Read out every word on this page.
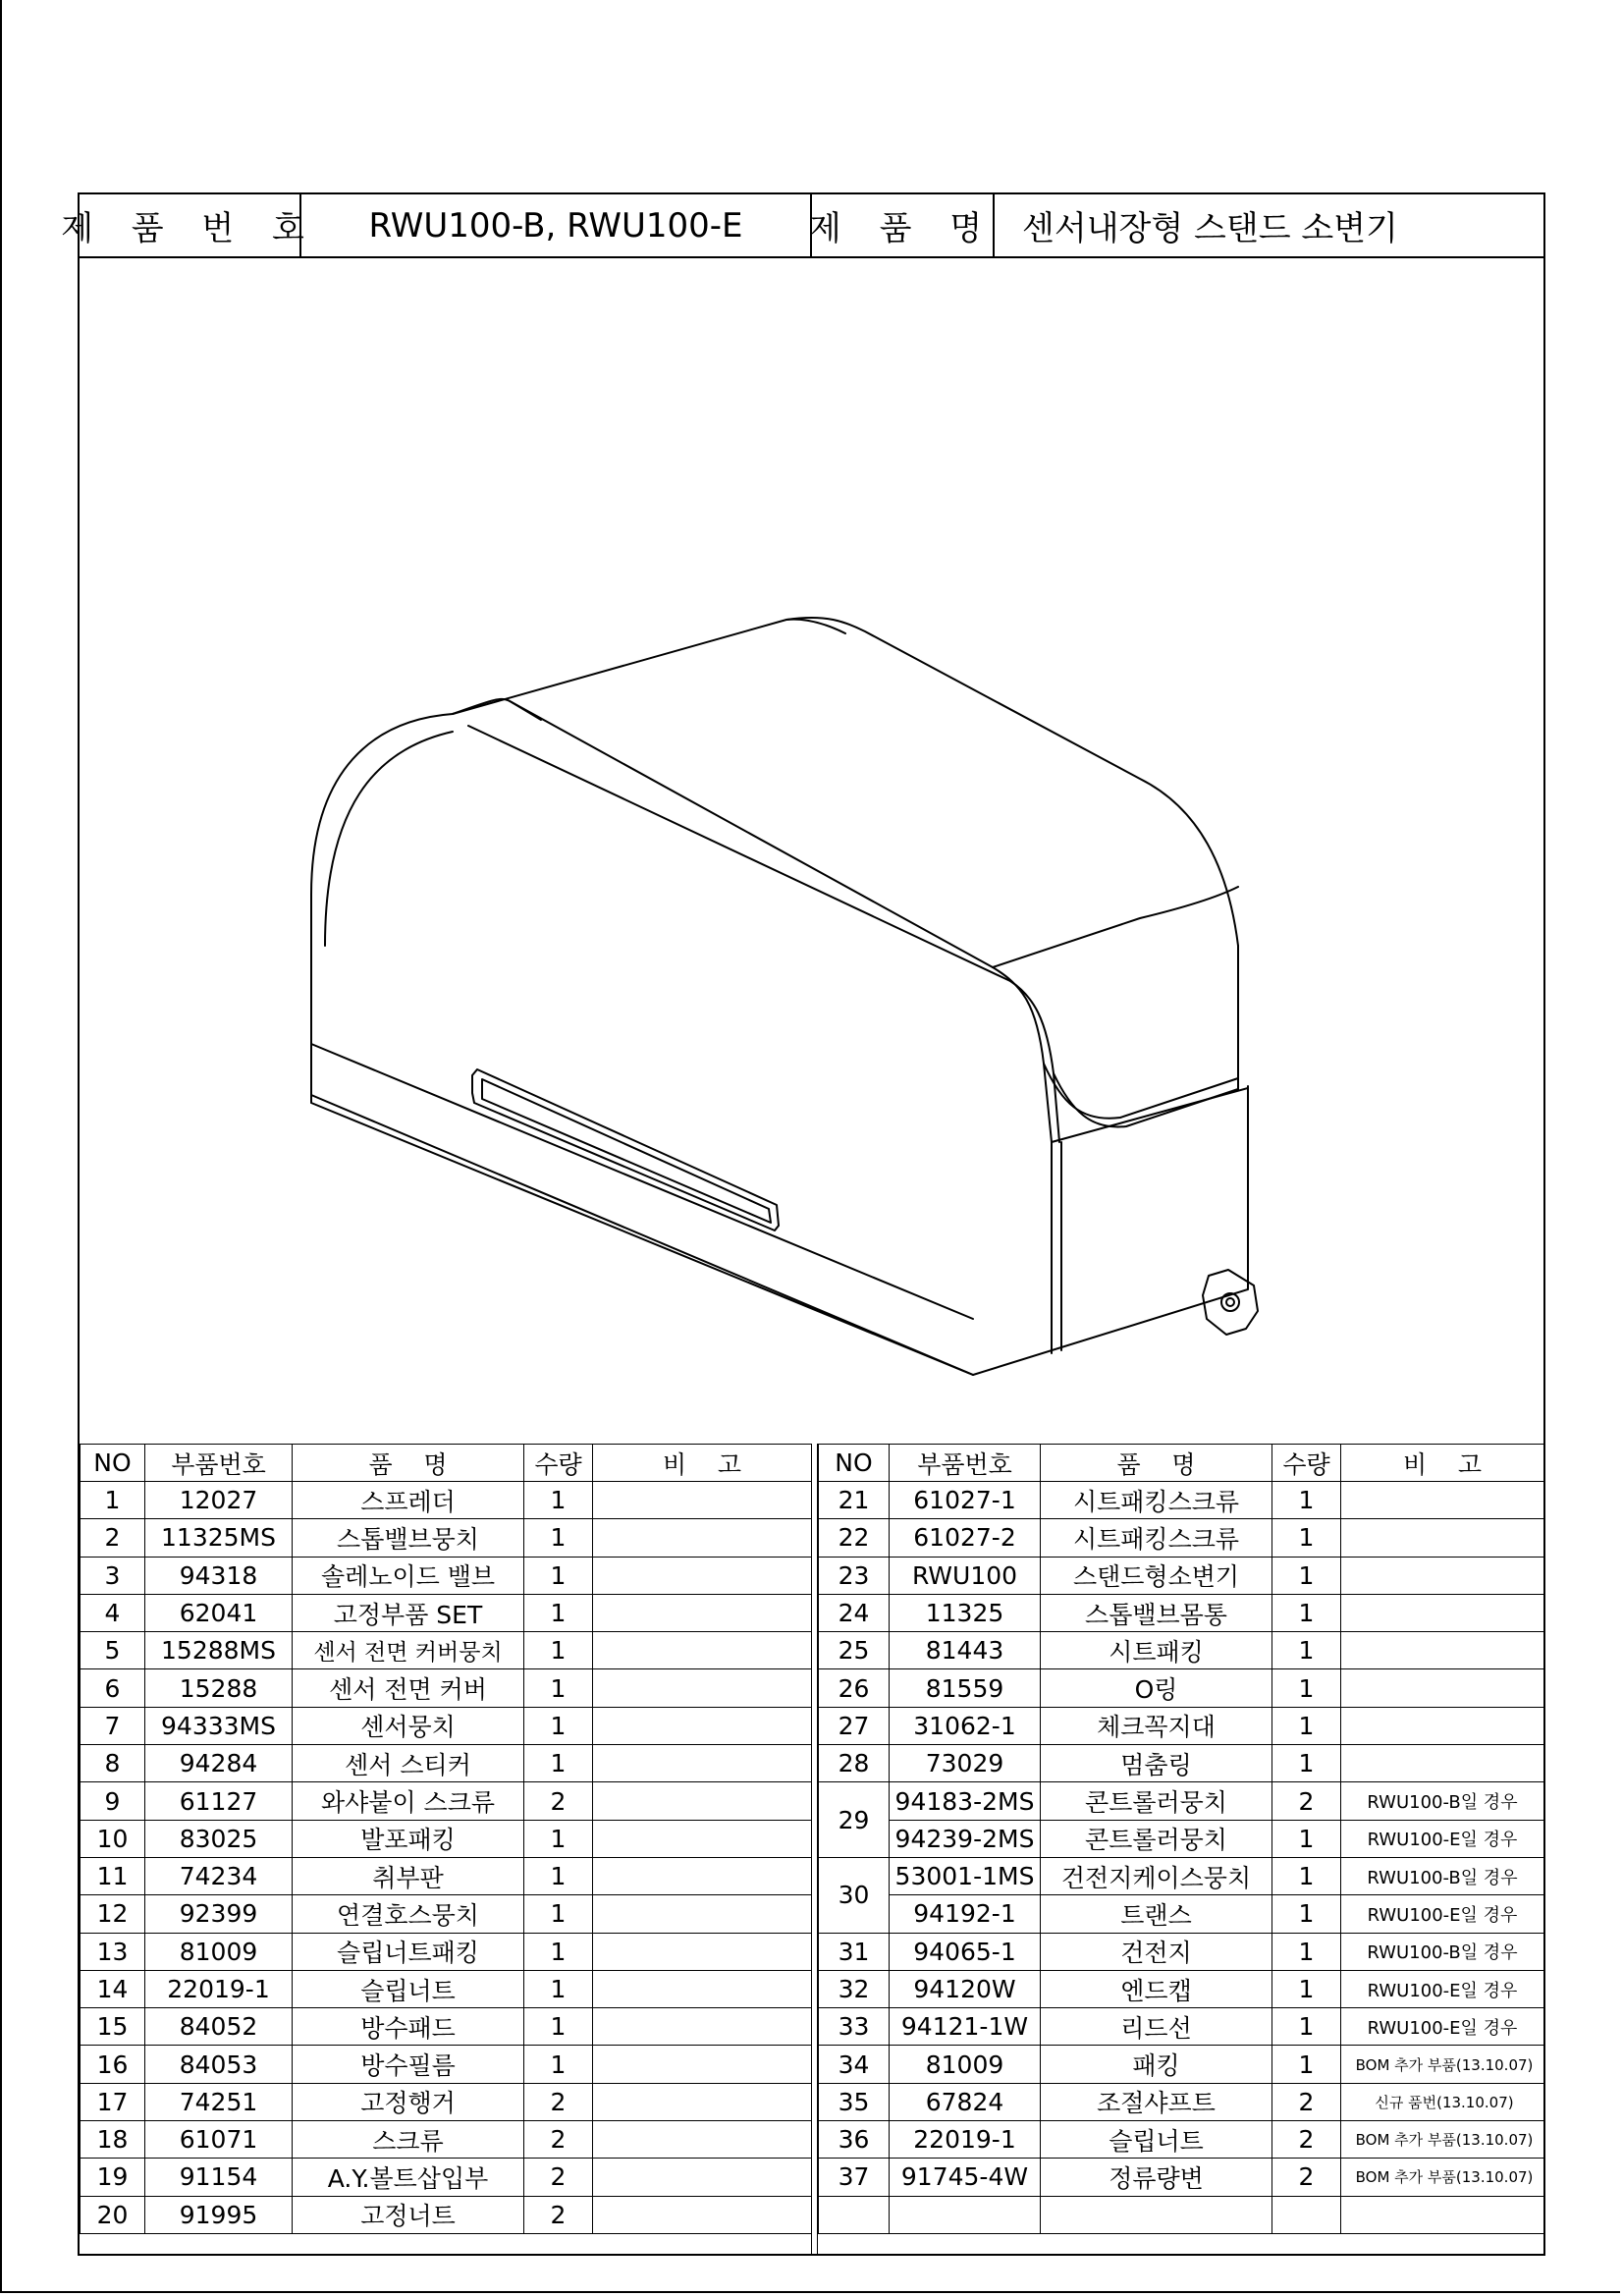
제 품 번 호	RWU100-B, RWU100-E	제 품 명 센서내장형 스탠드 소변기
NO	부품번호	품    명	수량	비    고
1	12027	스프레더	1	
2	11325MS	스톱밸브뭉치	1	
3	94318	솔레노이드 밸브	1	
4	62041	고정부품 SET	1	
5	15288MS	센서 전면 커버뭉치	1	
6	15288	센서 전면 커버	1	
7	94333MS	센서뭉치	1	
8	94284	센서 스티커	1	
9	61127	와샤붙이 스크류	2	
10	83025	발포패킹	1	
11	74234	취부판	1	
12	92399	연결호스뭉치	1	
13	81009	슬립너트패킹	1	
14	22019-1	슬립너트	1	
15	84052	방수패드	1	
16	84053	방수필름	1	
17	74251	고정행거	2	
18	61071	스크류	2	
19	91154	A.Y.볼트삽입부	2	
20	91995	고정너트	2	
NO	부품번호	품    명	수량	비    고
21	61027-1	시트패킹스크류	1	
22	61027-2	시트패킹스크류	1	
23	RWU100	스탠드형소변기	1	
24	11325	스톱밸브몸통	1	
25	81443	시트패킹	1	
26	81559	O링	1	
27	31062-1	체크꼭지대	1	
28	73029	멈춤링	1	
29	94183-2MS	콘트롤러뭉치	2	RWU100-B일 경우
	94239-2MS	콘트롤러뭉치	1	RWU100-E일 경우
30	53001-1MS	건전지케이스뭉치	1	RWU100-B일 경우
	94192-1	트랜스	1	RWU100-E일 경우
31	94065-1	건전지	1	RWU100-B일 경우
32	94120W	엔드캡	1	RWU100-E일 경우
33	94121-1W	리드선	1	RWU100-E일 경우
34	81009	패킹	1	BOM 추가 부품(13.10.07)
35	67824	조절샤프트	2	신규 품번(13.10.07)
36	22019-1	슬립너트	2	BOM 추가 부품(13.10.07)
37	91745-4W	정류량변	2	BOM 추가 부품(13.10.07)
